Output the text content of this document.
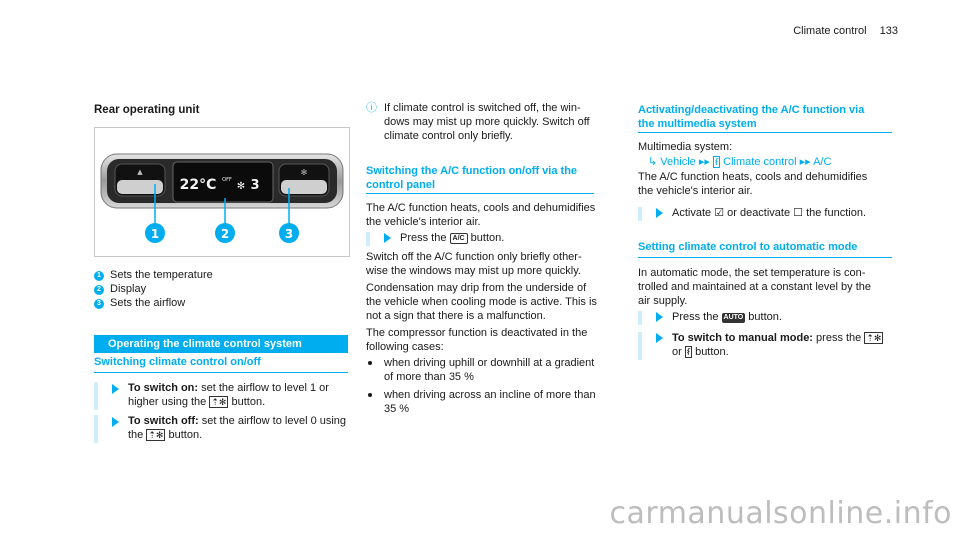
Climate control 133
Rear operating unit
▲	✻
22°C OFF
✻ 3
1	2	3
1 Sets the temperature
2 Display
3 Sets the airflow
Operating the climate control system
Switching climate control on/off
To switch on: set the airflow to level 1 or
higher using the ⇡✻ button.
To switch off: set the airflow to level 0 using
the ⇡✻ button.
ⓘ If climate control is switched off, the win-
dows may mist up more quickly. Switch off
climate control only briefly.
Switching the A/C function on/off via the
control panel
The A/C function heats, cools and dehumidifies
the vehicle's interior air.
Press the A/C button.
Switch off the A/C function only briefly other-
wise the windows may mist up more quickly.
Condensation may drip from the underside of
the vehicle when cooling mode is active. This is
not a sign that there is a malfunction.
The compressor function is deactivated in the
following cases:
when driving uphill or downhill at a gradient
of more than 35 %
when driving across an incline of more than
35 %
Activating/deactivating the A/C function via
the multimedia system
Multimedia system:
↳ Vehicle ▸▸ ẜ Climate control ▸▸ A/C
The A/C function heats, cools and dehumidifies
the vehicle's interior air.
Activate ☑ or deactivate ☐ the function.
Setting climate control to automatic mode
In automatic mode, the set temperature is con-
trolled and maintained at a constant level by the
air supply.
Press the AUTO button.
To switch to manual mode: press the ⇡✻
or ẜ button.
carmanualsonline.info
